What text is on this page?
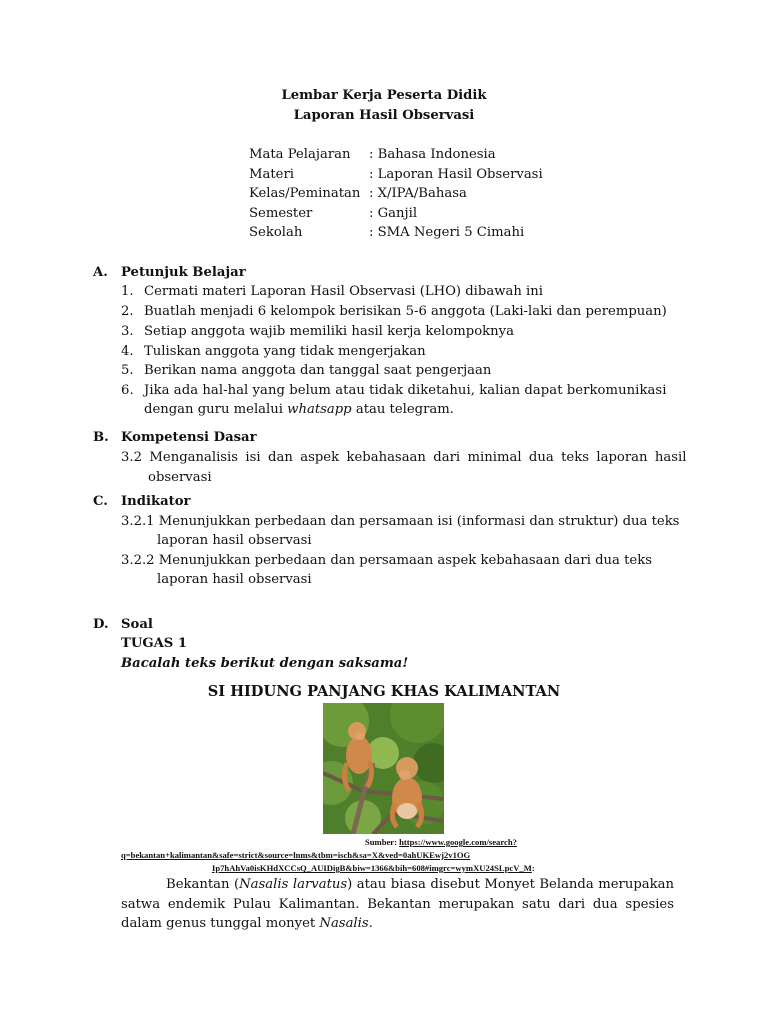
Lembar Kerja Peserta Didik
Laporan Hasil Observasi
Mata Pelajaran : Bahasa Indonesia
Materi	: Laporan Hasil Observasi
Kelas/Peminatan : X/IPA/Bahasa
Semester	: Ganjil
Sekolah	: SMA Negeri 5 Cimahi
A. Petunjuk Belajar
1. Cermati materi Laporan Hasil Observasi (LHO) dibawah ini
2. Buatlah menjadi 6 kelompok berisikan 5-6 anggota (Laki-laki dan perempuan)
3. Setiap anggota wajib memiliki hasil kerja kelompoknya
4. Tuliskan anggota yang tidak mengerjakan
5. Berikan nama anggota dan tanggal saat pengerjaan
6. Jika ada hal-hal yang belum atau tidak diketahui, kalian dapat berkomunikasi
dengan guru melalui whatsapp atau telegram.
B. Kompetensi Dasar
3.2 Menganalisis isi dan aspek kebahasaan dari minimal dua teks laporan hasil
observasi
C. Indikator
3.2.1 Menunjukkan perbedaan dan persamaan isi (informasi dan struktur) dua teks
laporan hasil observasi
3.2.2 Menunjukkan perbedaan dan persamaan aspek kebahasaan dari dua teks
laporan hasil observasi
D. Soal
TUGAS 1
Bacalah teks berikut dengan saksama!
SI HIDUNG PANJANG KHAS KALIMANTAN
Sumber: https://www.google.com/search?
q=bekantan+kalimantan&safe=strict&source=lnms&tbm=isch&sa=X&ved=0ahUKEwj2v1OG
Ip7hAhVa0isKHdXCCsQ_AUIDigB&biw=1366&bih=608#imgrc=wymXU24SLpcV_M:
Bekantan (Nasalis larvatus) atau biasa disebut Monyet Belanda merupakan satwa endemik Pulau Kalimantan. Bekantan merupakan satu dari dua spesies dalam genus tunggal monyet Nasalis.
